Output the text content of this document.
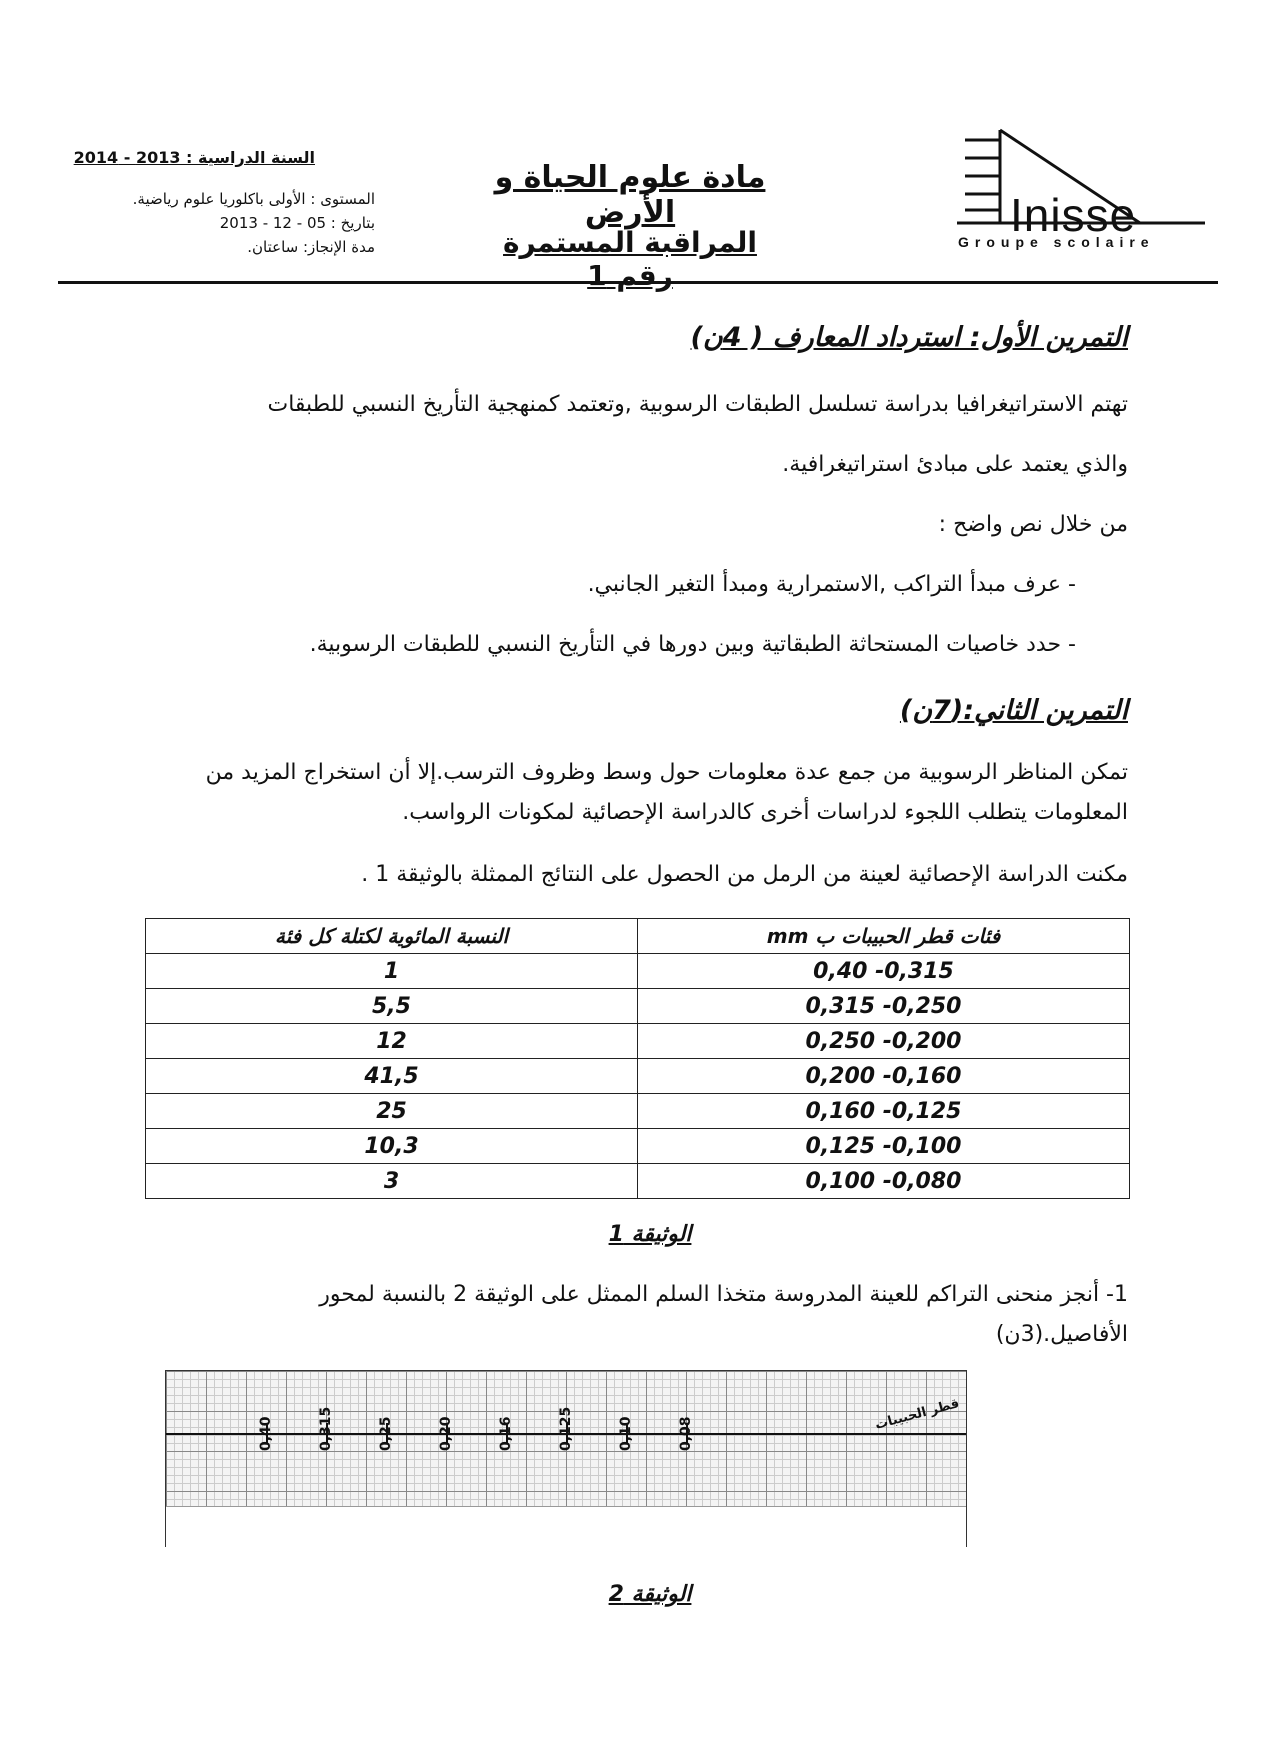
Inisse
Groupe scolaire
مادة علوم الحياة و الأرض
المراقبة المستمرة رقم 1
السنة الدراسية : 2013 - 2014
المستوى : الأولى باكلوريا علوم رياضية.
بتاريخ : 05 - 12 - 2013
مدة الإنجاز: ساعتان.
التمرين الأول: استرداد المعارف ( 4ن)
تهتم الاستراتيغرافيا بدراسة تسلسل الطبقات الرسوبية ,وتعتمد كمنهجية التأريخ النسبي للطبقات
والذي يعتمد على مبادئ استراتيغرافية.
من خلال نص واضح :
- عرف مبدأ التراكب ,الاستمرارية ومبدأ التغير الجانبي.
- حدد خاصيات المستحاثة الطبقاتية وبين دورها في التأريخ النسبي للطبقات الرسوبية.
التمرين الثاني:(7ن)
تمكن المناظر الرسوبية من جمع عدة معلومات حول وسط وظروف الترسب.إلا أن استخراج المزيد من
المعلومات يتطلب اللجوء لدراسات أخرى كالدراسة الإحصائية لمكونات الرواسب.
مكنت الدراسة الإحصائية لعينة من الرمل من الحصول على النتائج الممثلة بالوثيقة 1 .
النسبة المائوية لكتلة كل فئة	فئات قطر الحبيبات ب mm
1	0,40 -0,315
5,5	0,315 -0,250
12	0,250 -0,200
41,5	0,200 -0,160
25	0,160 -0,125
10,3	0,125 -0,100
3	0,100 -0,080
الوثيقة 1
1- أنجز منحنى التراكم للعينة المدروسة متخذا السلم الممثل على الوثيقة 2 بالنسبة لمحور
الأفاصيل.(3ن)
قطر الحبيبات
0,08
0,10
0,125
0,16
0,20
0,25
0,315
0,40
الوثيقة 2
